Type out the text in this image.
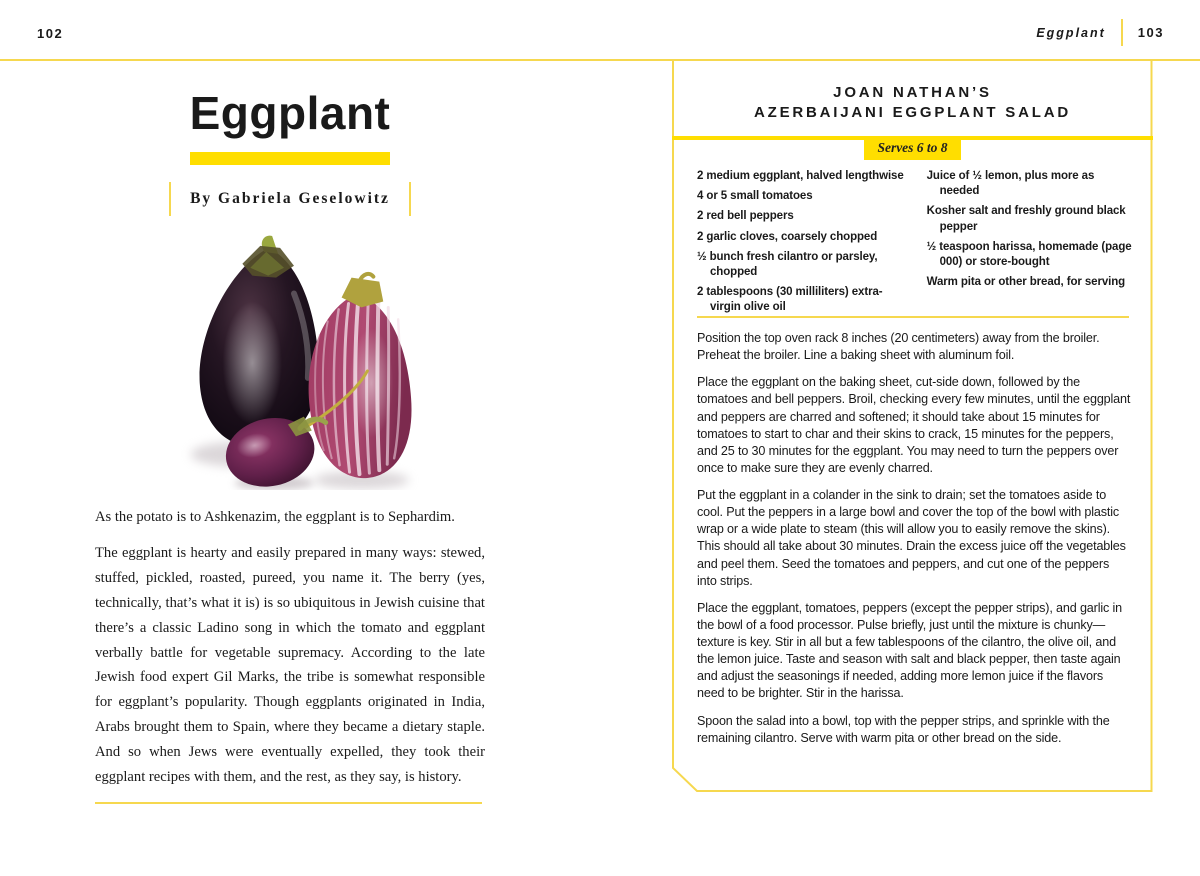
102	Eggplant 103
Eggplant
By Gabriela Geselowitz

As the potato is to Ashkenazim, the eggplant is to Sephardim.

The eggplant is hearty and easily prepared in many ways: stewed, stuffed, pickled, roasted, pureed, you name it. The berry (yes, technically, that’s what it is) is so ubiquitous in Jewish cuisine that there’s a classic Ladino song in which the tomato and eggplant verbally battle for vegetable supremacy. According to the late Jewish food expert Gil Marks, the tribe is somewhat responsible for eggplant’s popularity. Though eggplants originated in India, Arabs brought them to Spain, where they became a dietary staple. And so when Jews were eventually expelled, they took their eggplant recipes with them, and the rest, as they say, is history.

JOAN NATHAN’S
AZERBAIJANI EGGPLANT SALAD
Serves 6 to 8
2 medium eggplant, halved lengthwise
4 or 5 small tomatoes
2 red bell peppers
2 garlic cloves, coarsely chopped
½ bunch fresh cilantro or parsley, chopped
2 tablespoons (30 milliliters) extra-virgin olive oil
Juice of ½ lemon, plus more as needed
Kosher salt and freshly ground black pepper
½ teaspoon harissa, homemade (page 000) or store-bought
Warm pita or other bread, for serving

Position the top oven rack 8 inches (20 centimeters) away from the broiler. Preheat the broiler. Line a baking sheet with aluminum foil.

Place the eggplant on the baking sheet, cut-side down, followed by the tomatoes and bell peppers. Broil, checking every few minutes, until the eggplant and peppers are charred and softened; it should take about 15 minutes for tomatoes to start to char and their skins to crack, 15 minutes for the peppers, and 25 to 30 minutes for the eggplant. You may need to turn the peppers over once to make sure they are evenly charred.

Put the eggplant in a colander in the sink to drain; set the tomatoes aside to cool. Put the peppers in a large bowl and cover the top of the bowl with plastic wrap or a wide plate to steam (this will allow you to easily remove the skins). This should all take about 30 minutes. Drain the excess juice off the vegetables and peel them. Seed the tomatoes and peppers, and cut one of the peppers into strips.

Place the eggplant, tomatoes, peppers (except the pepper strips), and garlic in the bowl of a food processor. Pulse briefly, just until the mixture is chunky—texture is key. Stir in all but a few tablespoons of the cilantro, the olive oil, and the lemon juice. Taste and season with salt and black pepper, then taste again and adjust the seasonings if needed, adding more lemon juice if the flavors need to be brighter. Stir in the harissa.

Spoon the salad into a bowl, top with the pepper strips, and sprinkle with the remaining cilantro. Serve with warm pita or other bread on the side.
